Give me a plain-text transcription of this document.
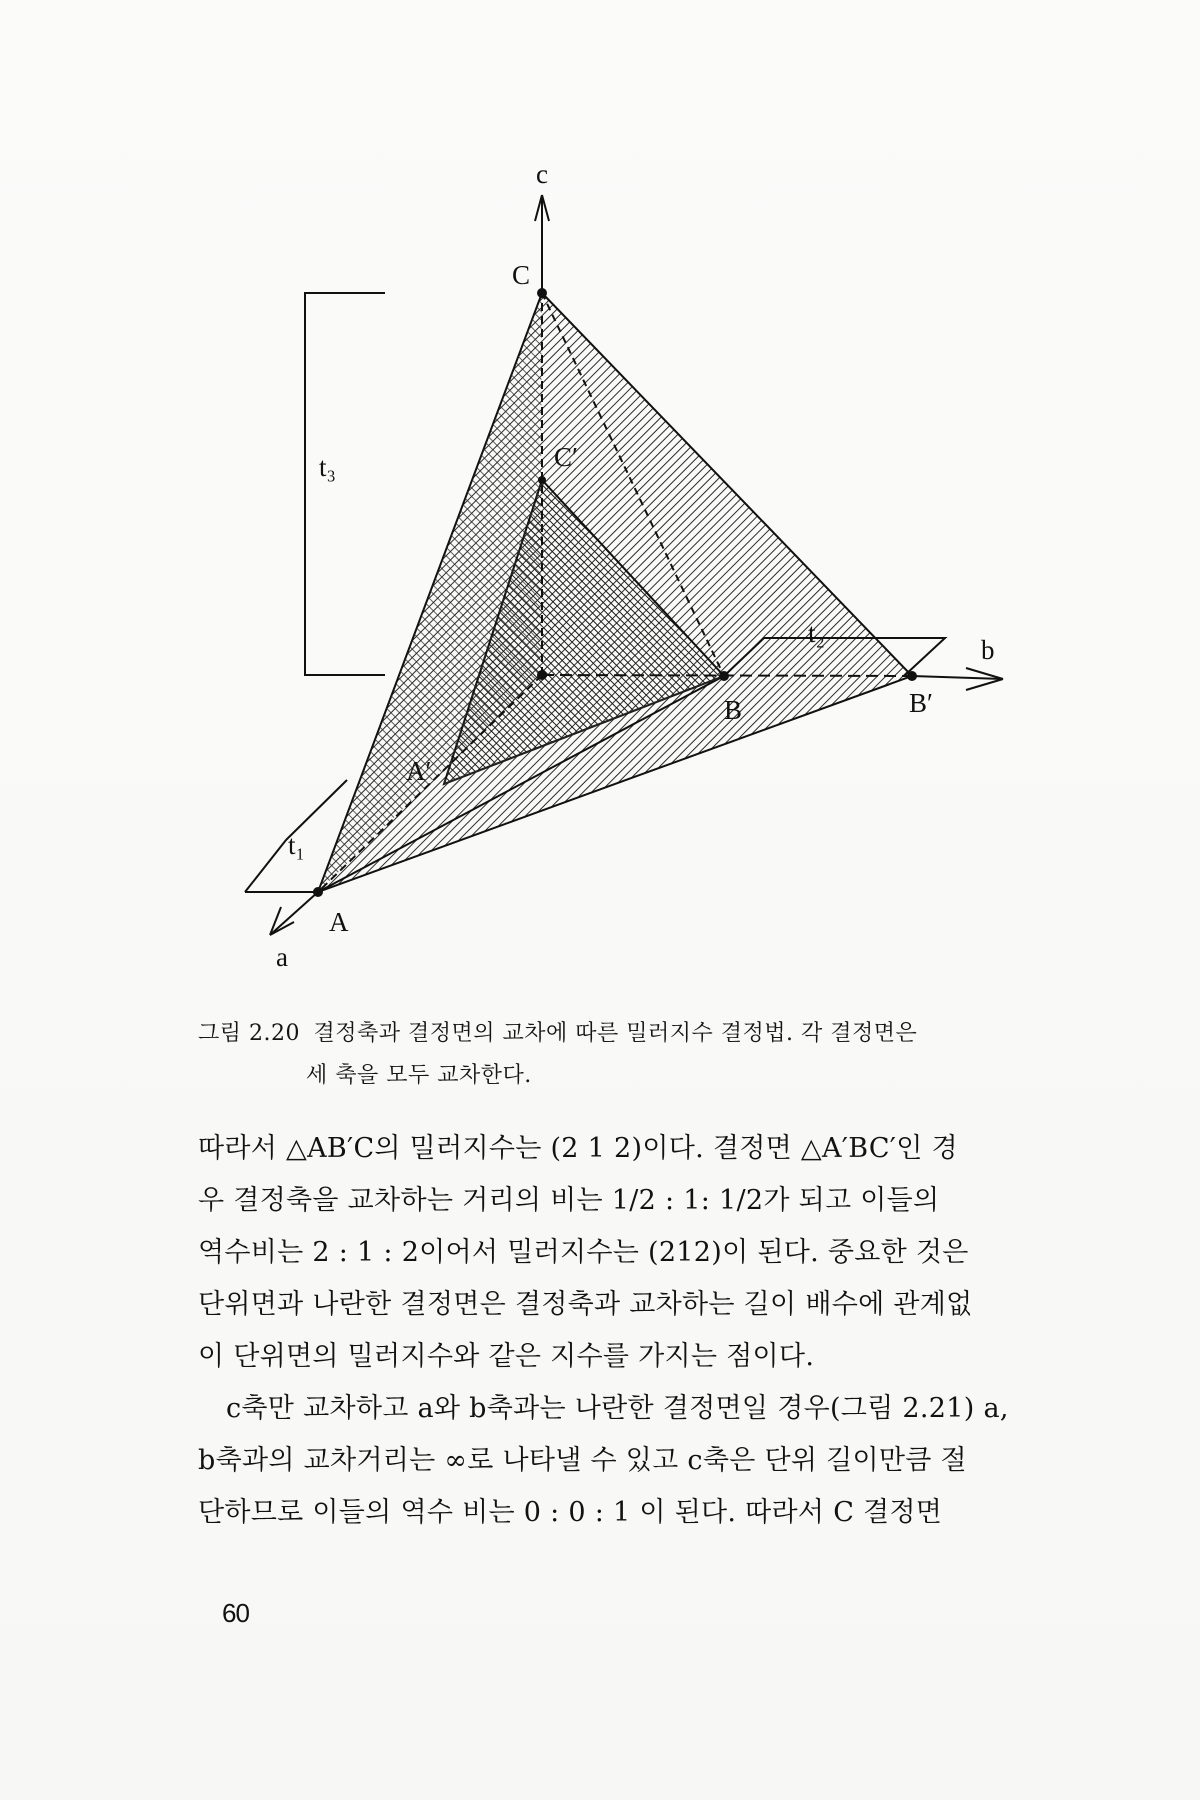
c
b
a
C
C′
B	B′
A
A′
t₁
t₂
t₃
그림 2.20 결정축과 결정면의 교차에 따른 밀러지수 결정법. 각 결정면은
세 축을 모두 교차한다.
따라서 △AB′C의 밀러지수는 (2 1 2)이다. 결정면 △A′BC′인 경
우 결정축을 교차하는 거리의 비는 1/2 : 1: 1/2가 되고 이들의
역수비는 2 : 1 : 2이어서 밀러지수는 (212)이 된다. 중요한 것은
단위면과 나란한 결정면은 결정축과 교차하는 길이 배수에 관계없
이 단위면의 밀러지수와 같은 지수를 가지는 점이다.
c축만 교차하고 a와 b축과는 나란한 결정면일 경우(그림 2.21) a,
b축과의 교차거리는 ∞로 나타낼 수 있고 c축은 단위 길이만큼 절
단하므로 이들의 역수 비는 0 : 0 : 1 이 된다. 따라서 C 결정면
60
